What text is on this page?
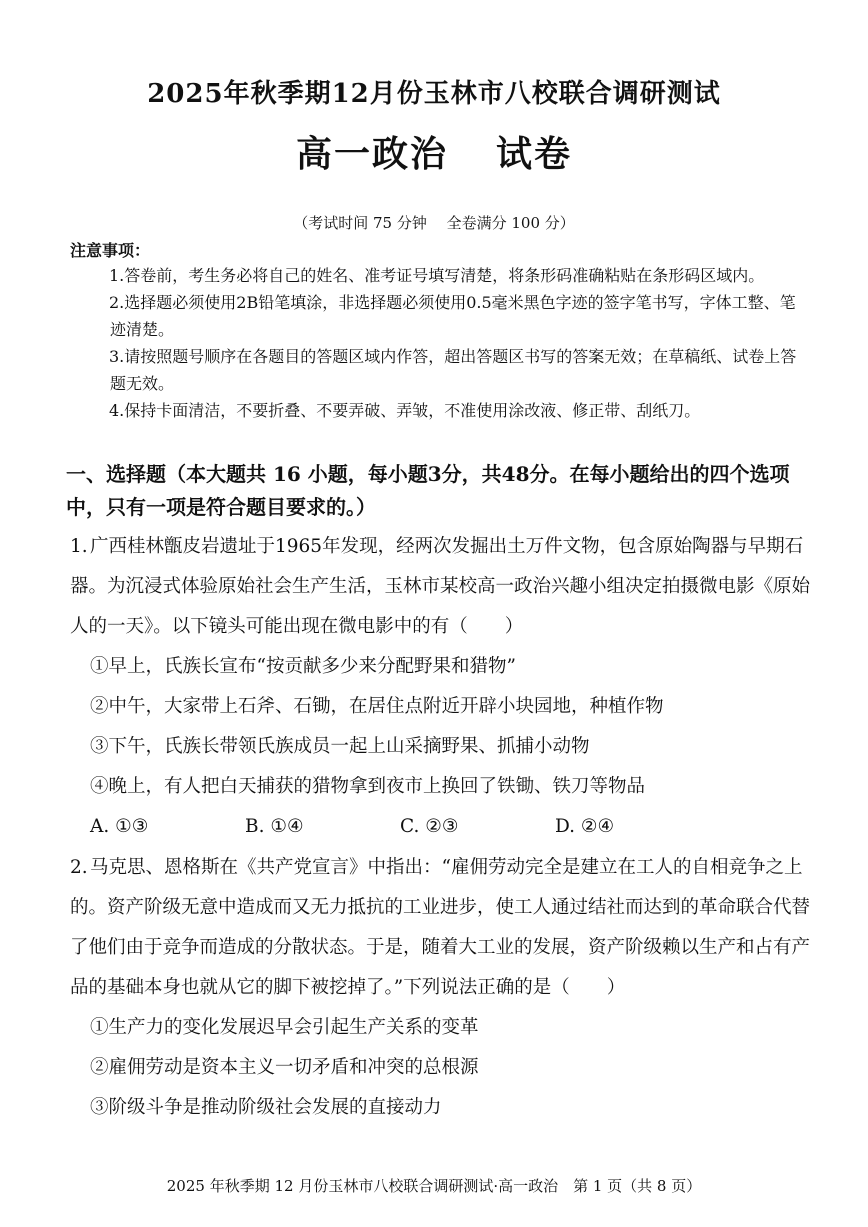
2025年秋季期12月份玉林市八校联合调研测试
高一政治 试卷
（考试时间 75 分钟　 全卷满分 100 分）
注意事项：
1.答卷前，考生务必将自己的姓名、准考证号填写清楚，将条形码准确粘贴在条形码区域内。
2.选择题必须使用2B铅笔填涂，非选择题必须使用0.5毫米黑色字迹的签字笔书写，字体工整、笔迹清楚。
3.请按照题号顺序在各题目的答题区域内作答，超出答题区书写的答案无效；在草稿纸、试卷上答题无效。
4.保持卡面清洁，不要折叠、不要弄破、弄皱，不准使用涂改液、修正带、刮纸刀。
一、选择题（本大题共 16 小题，每小题3分，共48分。在每小题给出的四个选项中，只有一项是符合题目要求的。）
1. 广西桂林甑皮岩遗址于1965年发现，经两次发掘出土万件文物，包含原始陶器与早期石器。为沉浸式体验原始社会生产生活，玉林市某校高一政治兴趣小组决定拍摄微电影《原始人的一天》。以下镜头可能出现在微电影中的有（　　）
①早上，氏族长宣布“按贡献多少来分配野果和猎物”
②中午，大家带上石斧、石锄，在居住点附近开辟小块园地，种植作物
③下午，氏族长带领氏族成员一起上山采摘野果、抓捕小动物
④晚上，有人把白天捕获的猎物拿到夜市上换回了铁锄、铁刀等物品
A. ①③	B. ①④	C. ②③	D. ②④
2. 马克思、恩格斯在《共产党宣言》中指出：“雇佣劳动完全是建立在工人的自相竞争之上的。资产阶级无意中造成而又无力抵抗的工业进步，使工人通过结社而达到的革命联合代替了他们由于竞争而造成的分散状态。于是，随着大工业的发展，资产阶级赖以生产和占有产品的基础本身也就从它的脚下被挖掉了。”下列说法正确的是（　　）
①生产力的变化发展迟早会引起生产关系的变革
②雇佣劳动是资本主义一切矛盾和冲突的总根源
③阶级斗争是推动阶级社会发展的直接动力
2025 年秋季期 12 月份玉林市八校联合调研测试·高一政治　第 1 页（共 8 页）
